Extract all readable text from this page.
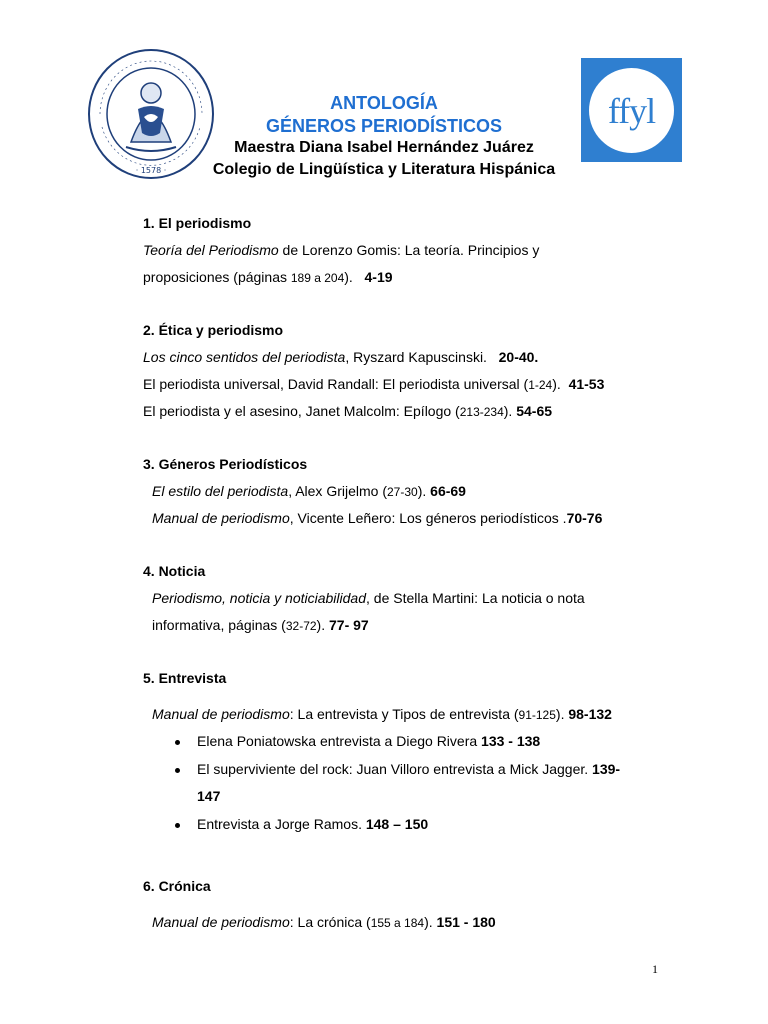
· 1578 ·
ffyl
ANTOLOGÍA
GÉNEROS PERIODÍSTICOS
Maestra Diana Isabel Hernández Juárez
Colegio de Lingüística y Literatura Hispánica
1. El periodismo
Teoría del Periodismo de Lorenzo Gomis: La teoría. Principios y
proposiciones (páginas 189 a 204). 4-19
2. Ética y periodismo
Los cinco sentidos del periodista, Ryszard Kapuscinski. 20-40.
El periodista universal, David Randall: El periodista universal (1-24). 41-53
El periodista y el asesino, Janet Malcolm: Epílogo (213-234). 54-65
3. Géneros Periodísticos
El estilo del periodista, Alex Grijelmo (27-30). 66-69
Manual de periodismo, Vicente Leñero: Los géneros periodísticos .70-76
4. Noticia
Periodismo, noticia y noticiabilidad, de Stella Martini: La noticia o nota
informativa, páginas (32-72). 77- 97
5. Entrevista
Manual de periodismo: La entrevista y Tipos de entrevista (91-125). 98-132
Elena Poniatowska entrevista a Diego Rivera 133 - 138
El superviviente del rock: Juan Villoro entrevista a Mick Jagger. 139-
147
Entrevista a Jorge Ramos. 148 – 150
6. Crónica
Manual de periodismo: La crónica (155 a 184). 151 - 180
1
